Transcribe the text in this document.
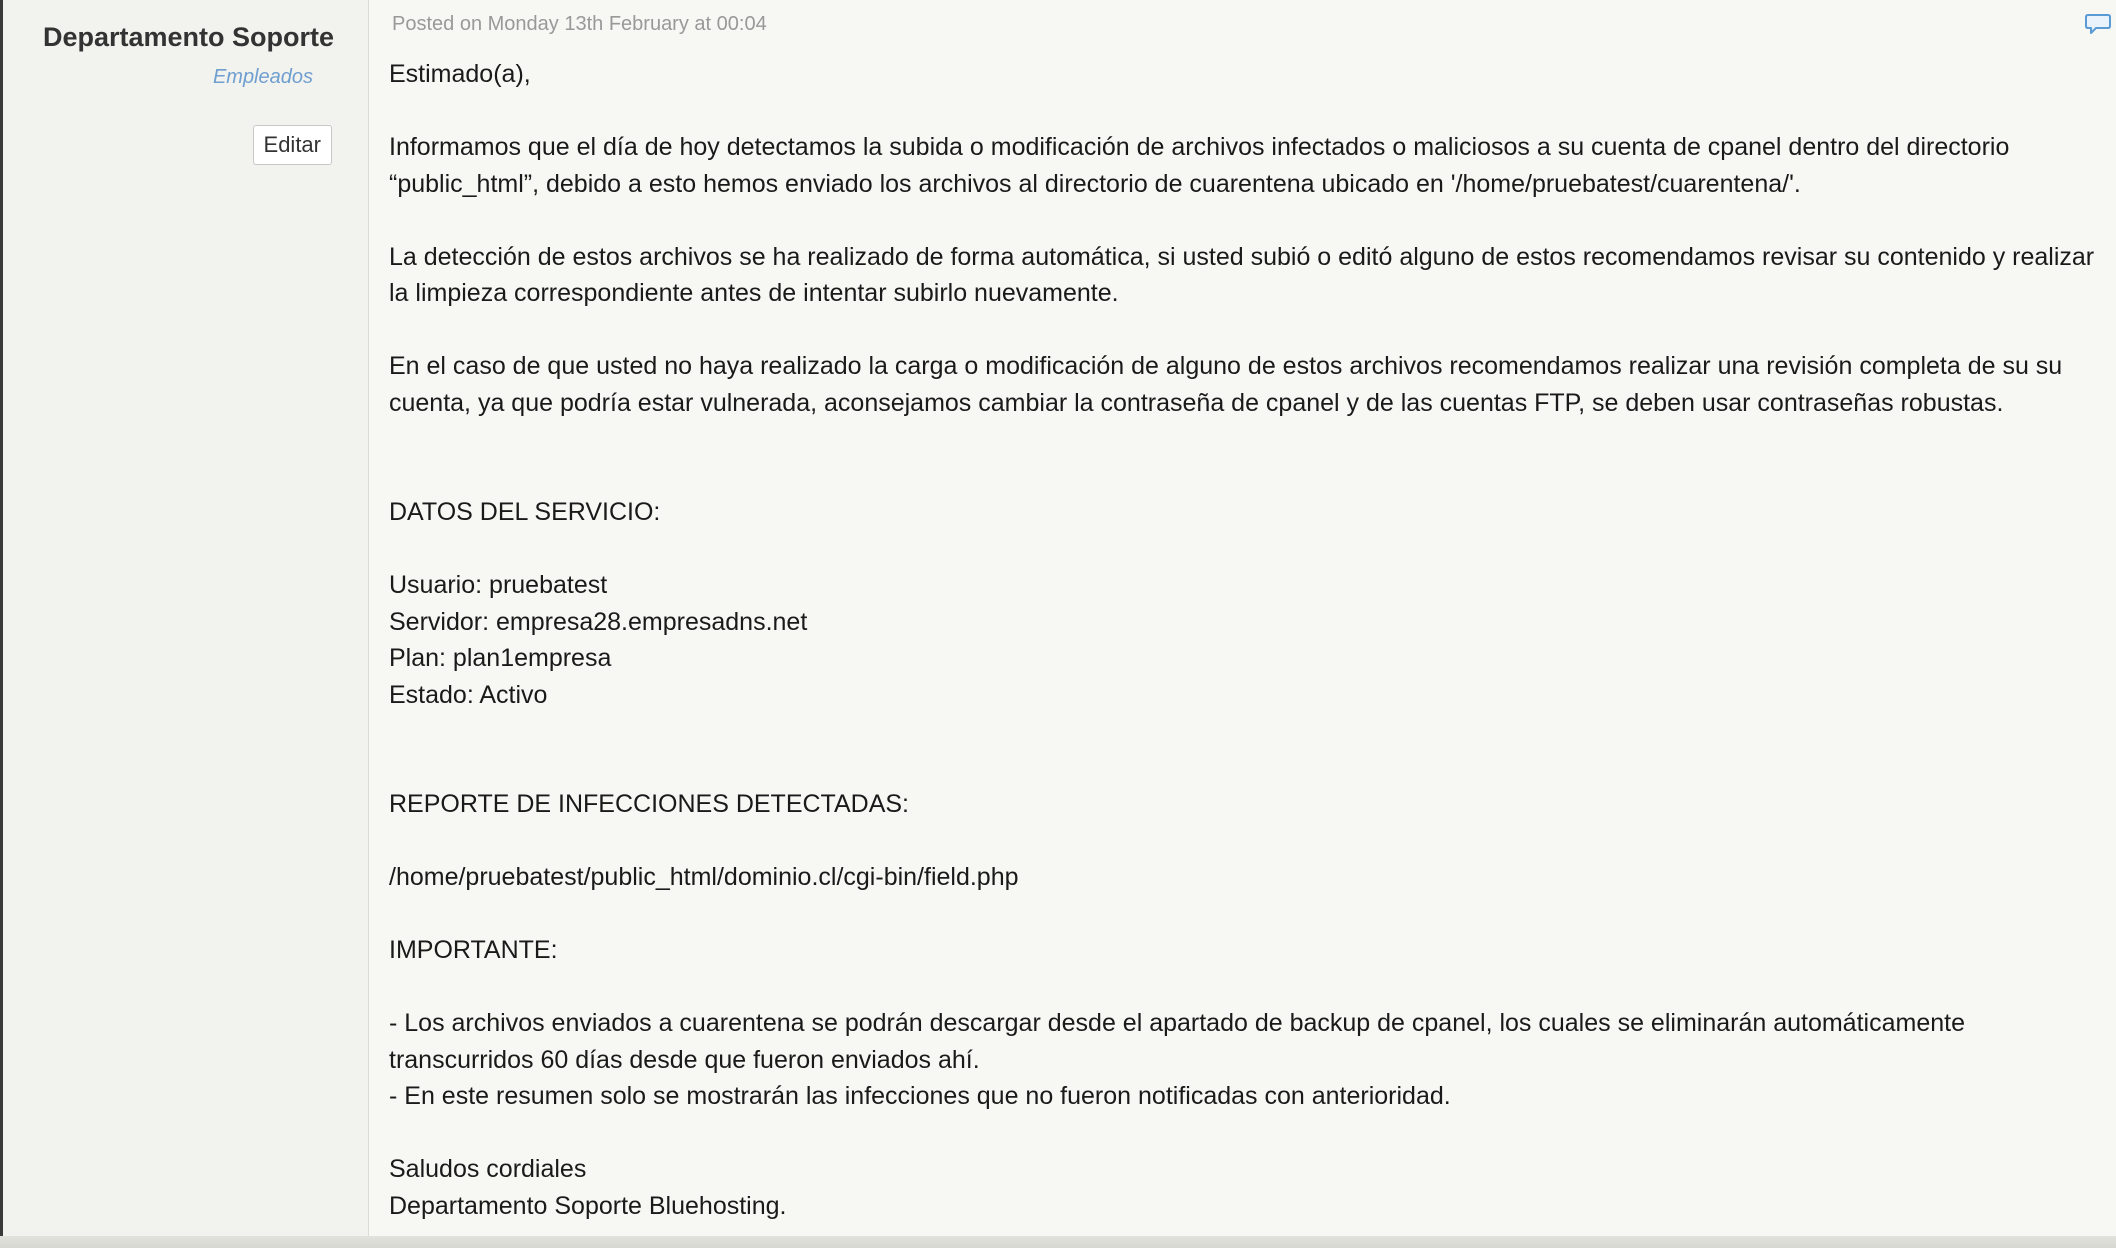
Departamento Soporte
Empleados
Editar
Posted on Monday 13th February at 00:04

Estimado(a),

Informamos que el día de hoy detectamos la subida o modificación de archivos infectados o maliciosos a su cuenta de cpanel dentro del directorio “public_html”, debido a esto hemos enviado los archivos al directorio de cuarentena ubicado en '/home/pruebatest/cuarentena/'.

La detección de estos archivos se ha realizado de forma automática, si usted subió o editó alguno de estos recomendamos revisar su contenido y realizar la limpieza correspondiente antes de intentar subirlo nuevamente.

En el caso de que usted no haya realizado la carga o modificación de alguno de estos archivos recomendamos realizar una revisión completa de su su cuenta, ya que podría estar vulnerada, aconsejamos cambiar la contraseña de cpanel y de las cuentas FTP, se deben usar contraseñas robustas.

DATOS DEL SERVICIO:

Usuario: pruebatest

Servidor: empresa28.empresadns.net

Plan: plan1empresa

Estado: Activo

REPORTE DE INFECCIONES DETECTADAS:

/home/pruebatest/public_html/dominio.cl/cgi-bin/field.php

IMPORTANTE:

- Los archivos enviados a cuarentena se podrán descargar desde el apartado de backup de cpanel, los cuales se eliminarán automáticamente transcurridos 60 días desde que fueron enviados ahí.

- En este resumen solo se mostrarán las infecciones que no fueron notificadas con anterioridad.

Saludos cordiales

Departamento Soporte Bluehosting.
